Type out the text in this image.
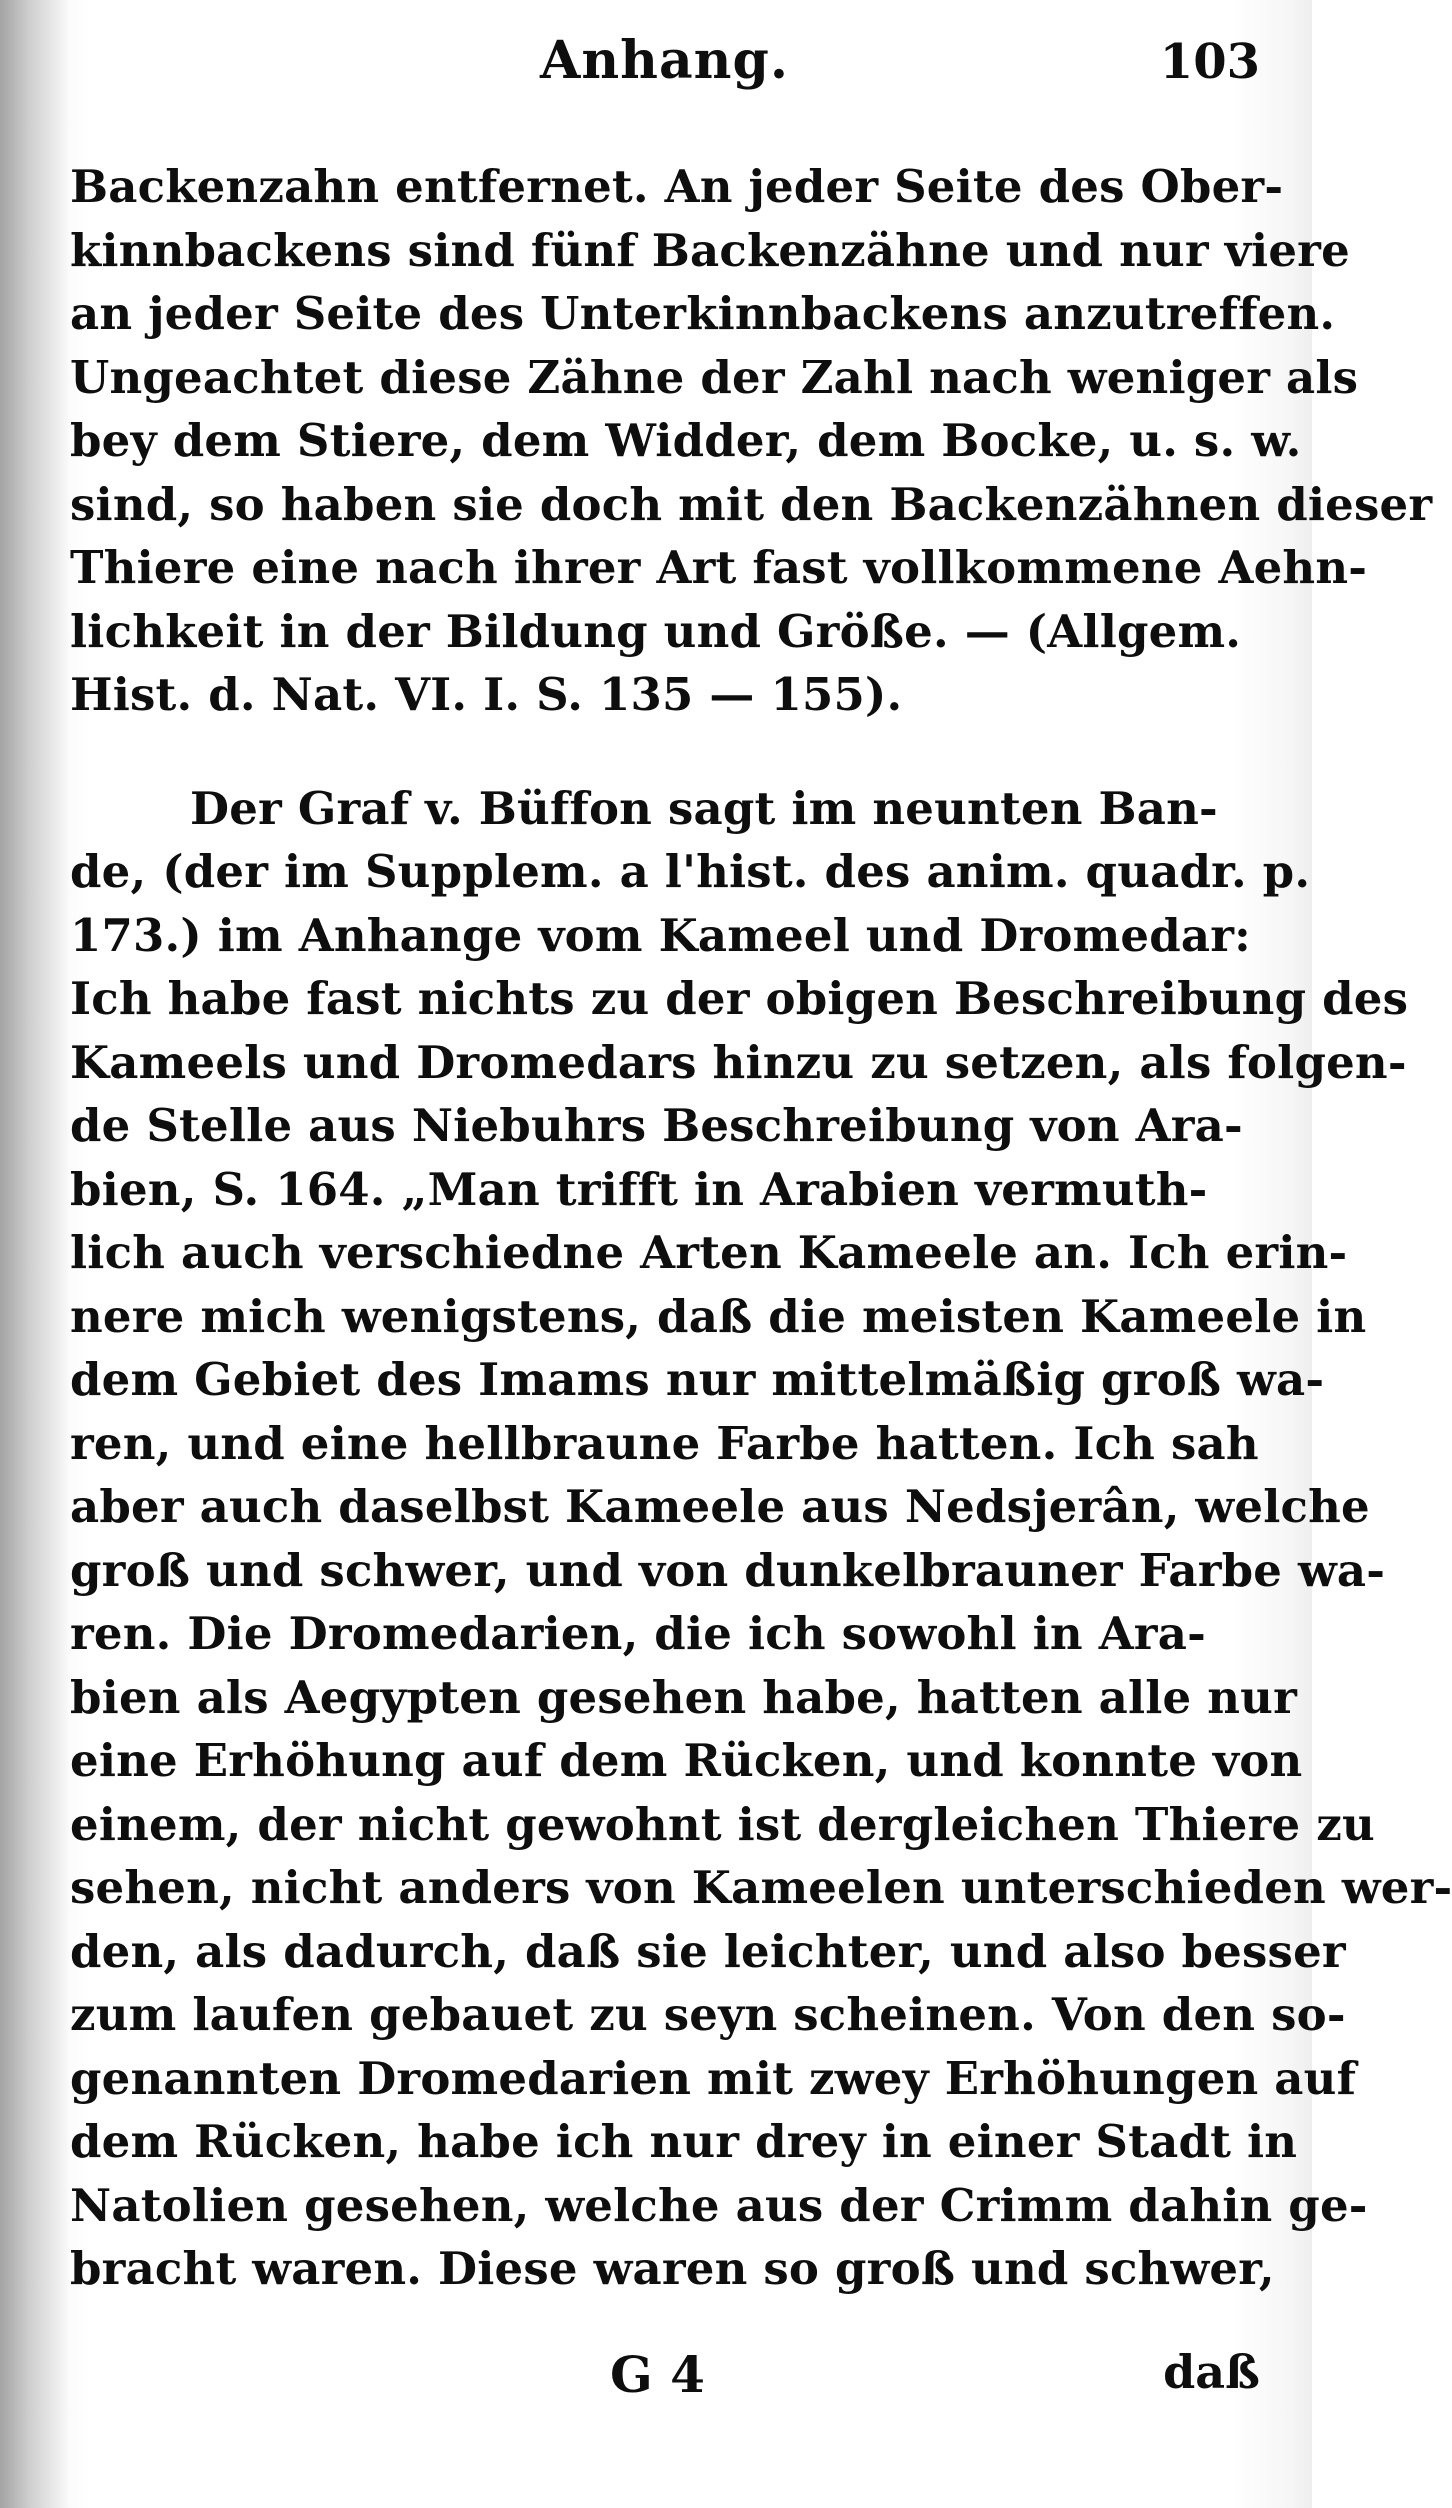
Anhang.	103
Backenzahn entfernet. An jeder Seite des Ober-
kinnbackens sind fünf Backenzähne und nur viere
an jeder Seite des Unterkinnbackens anzutreffen.
Ungeachtet diese Zähne der Zahl nach weniger als
bey dem Stiere, dem Widder, dem Bocke, u. s. w.
sind, so haben sie doch mit den Backenzähnen dieser
Thiere eine nach ihrer Art fast vollkommene Aehn-
lichkeit in der Bildung und Größe. — (Allgem.
Hist. d. Nat. VI. I. S. 135 — 155).
Der Graf v. Büffon sagt im neunten Ban-
de, (der im Supplem. a l'hist. des anim. quadr. p.
173.) im Anhange vom Kameel und Dromedar:
Ich habe fast nichts zu der obigen Beschreibung des
Kameels und Dromedars hinzu zu setzen, als folgen-
de Stelle aus Niebuhrs Beschreibung von Ara-
bien, S. 164. „Man trifft in Arabien vermuth-
lich auch verschiedne Arten Kameele an. Ich erin-
nere mich wenigstens, daß die meisten Kameele in
dem Gebiet des Imams nur mittelmäßig groß wa-
ren, und eine hellbraune Farbe hatten. Ich sah
aber auch daselbst Kameele aus Nedsjerân, welche
groß und schwer, und von dunkelbrauner Farbe wa-
ren. Die Dromedarien, die ich sowohl in Ara-
bien als Aegypten gesehen habe, hatten alle nur
eine Erhöhung auf dem Rücken, und konnte von
einem, der nicht gewohnt ist dergleichen Thiere zu
sehen, nicht anders von Kameelen unterschieden wer-
den, als dadurch, daß sie leichter, und also besser
zum laufen gebauet zu seyn scheinen. Von den so-
genannten Dromedarien mit zwey Erhöhungen auf
dem Rücken, habe ich nur drey in einer Stadt in
Natolien gesehen, welche aus der Crimm dahin ge-
bracht waren. Diese waren so groß und schwer,
G 4	daß
